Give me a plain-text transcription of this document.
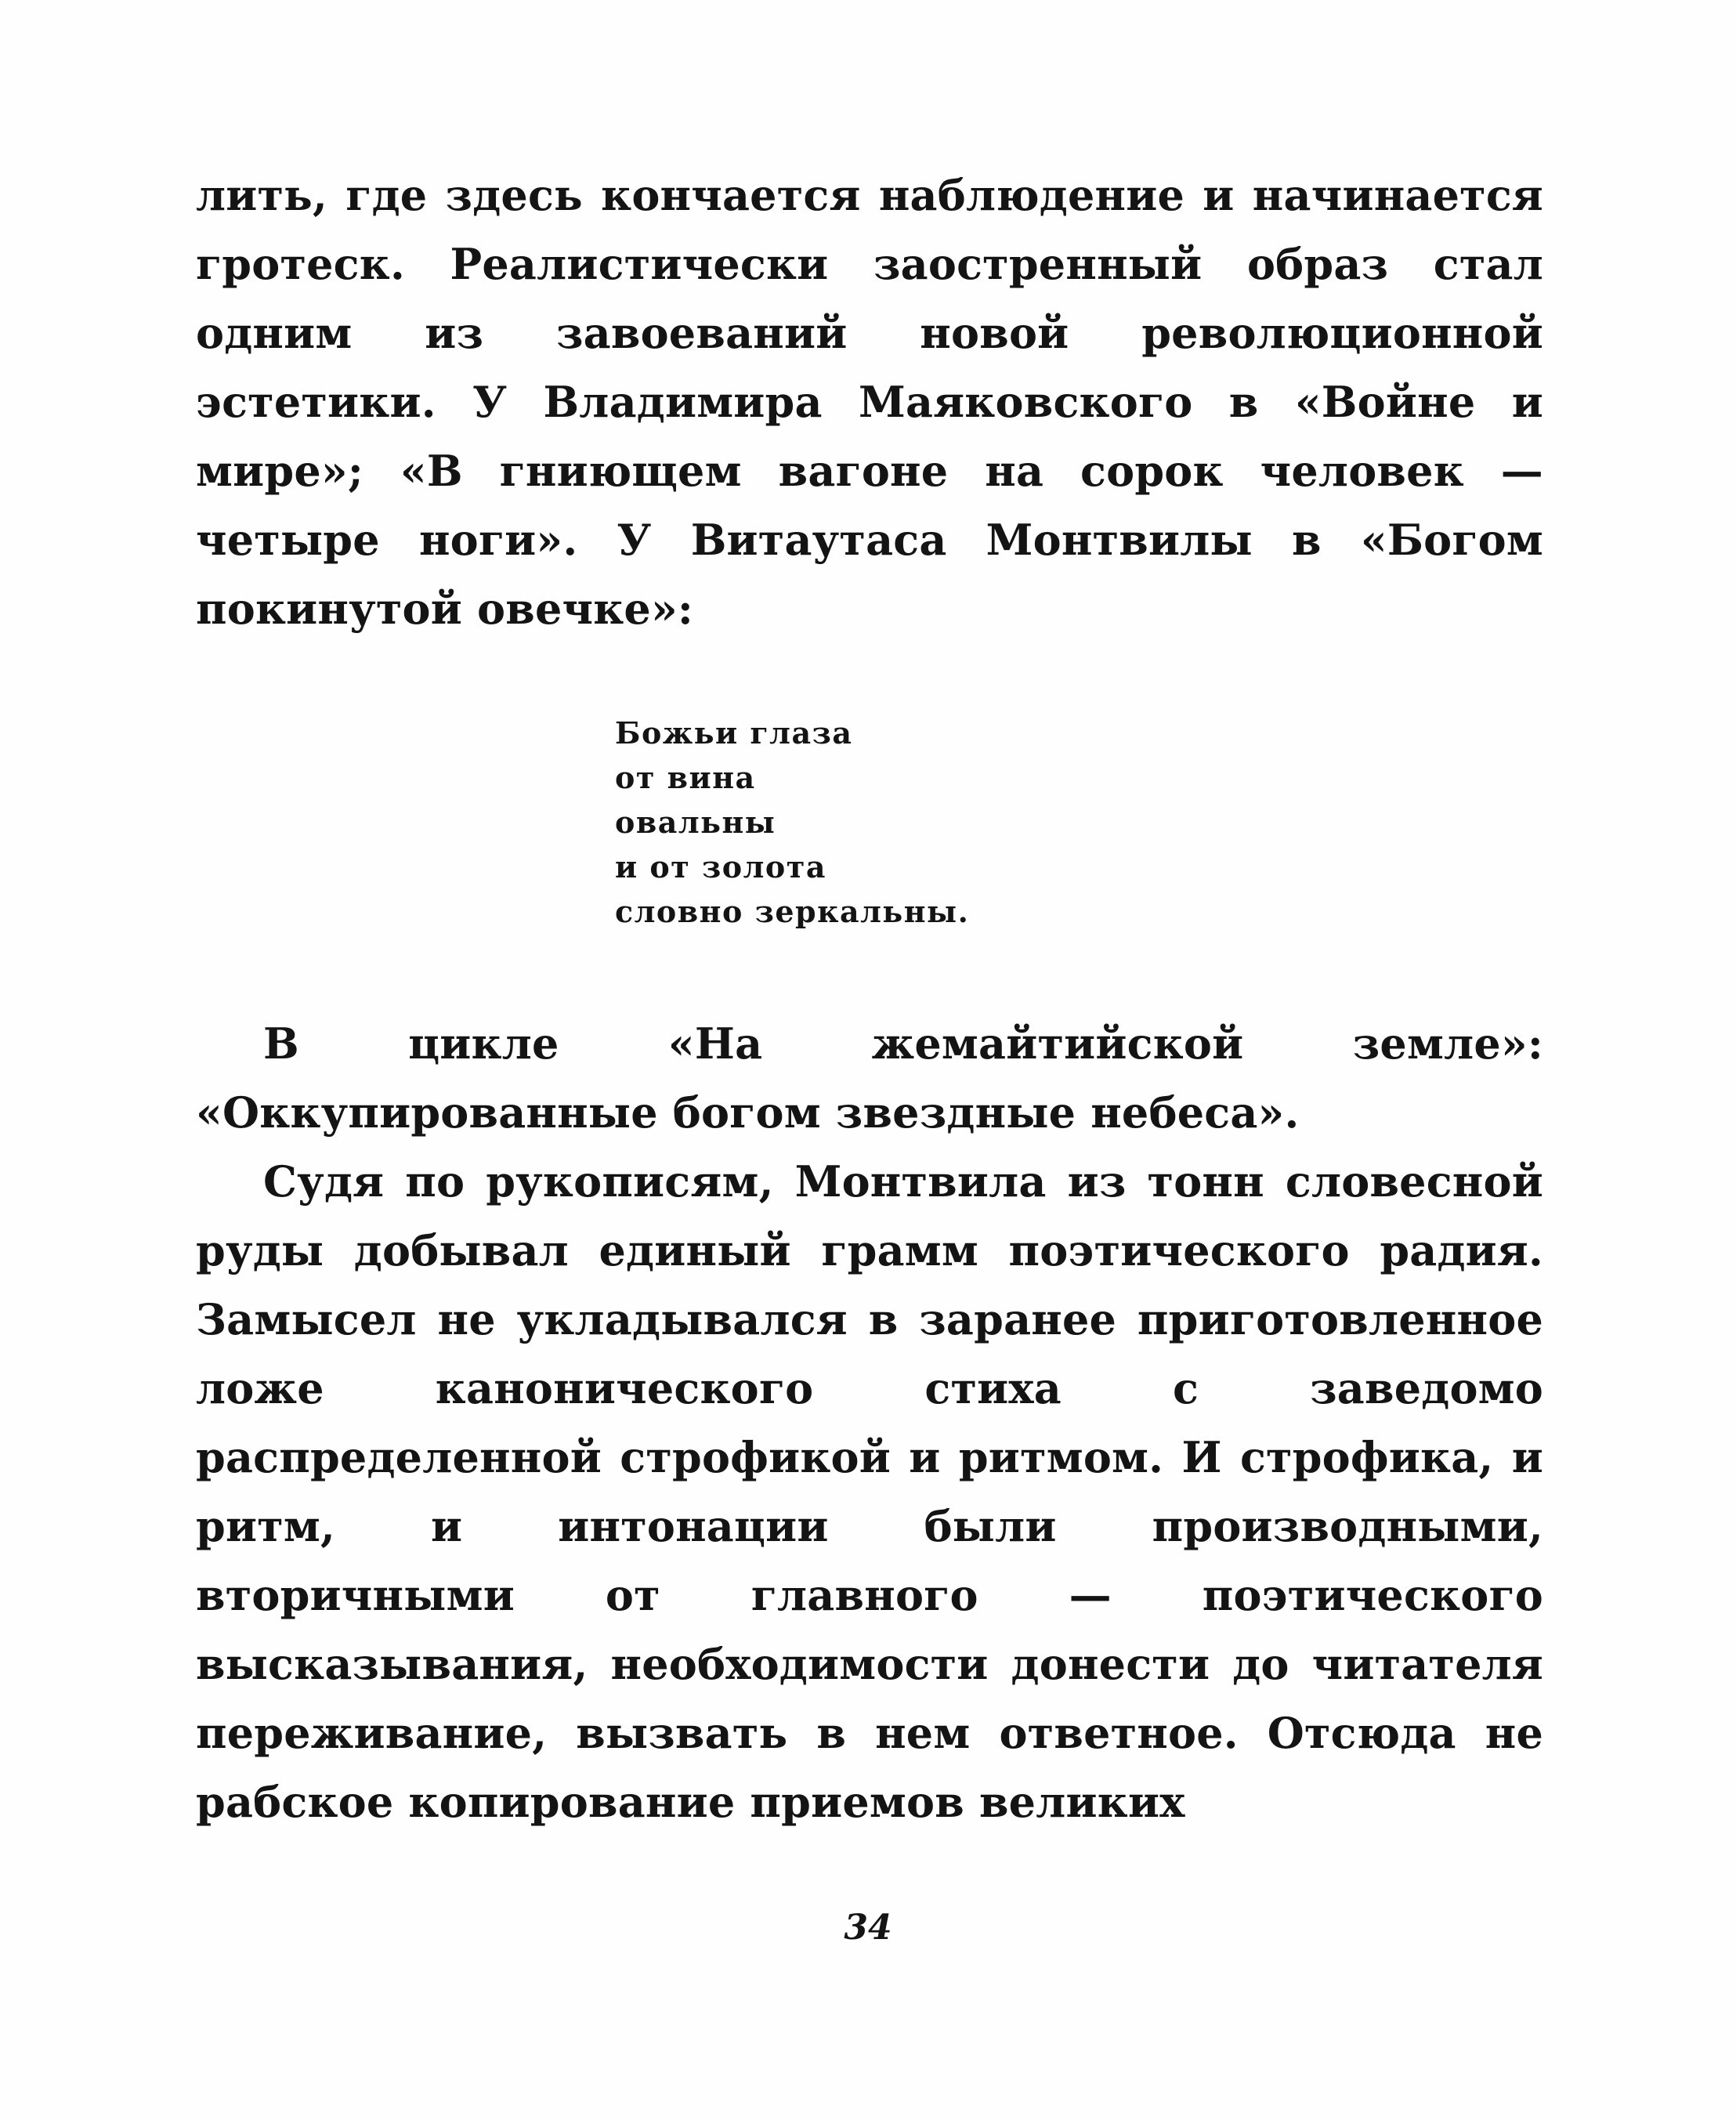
лить, где здесь кончается наблюдение и начинается гротеск. Реалистически заостренный образ стал одним из завоеваний новой революционной эстетики. У Владимира Маяковского в «Войне и мире»; «В гниющем вагоне на сорок человек — четыре ноги». У Витаутаса Монтвилы в «Богом покинутой овечке»:

Божьи глаза
от вина
овальны
и от золота
словно зеркальны.

В цикле «На жемайтийской земле»: «Оккупированные богом звездные небеса».

Судя по рукописям, Монтвила из тонн словесной руды добывал единый грамм поэтического радия. Замысел не укладывался в заранее приготовленное ложе канонического стиха с заведомо распределенной строфикой и ритмом. И строфика, и ритм, и интонации были производными, вторичными от главного — поэтического высказывания, необходимости донести до читателя переживание, вызвать в нем ответное. Отсюда не рабское копирование приемов великих

34
